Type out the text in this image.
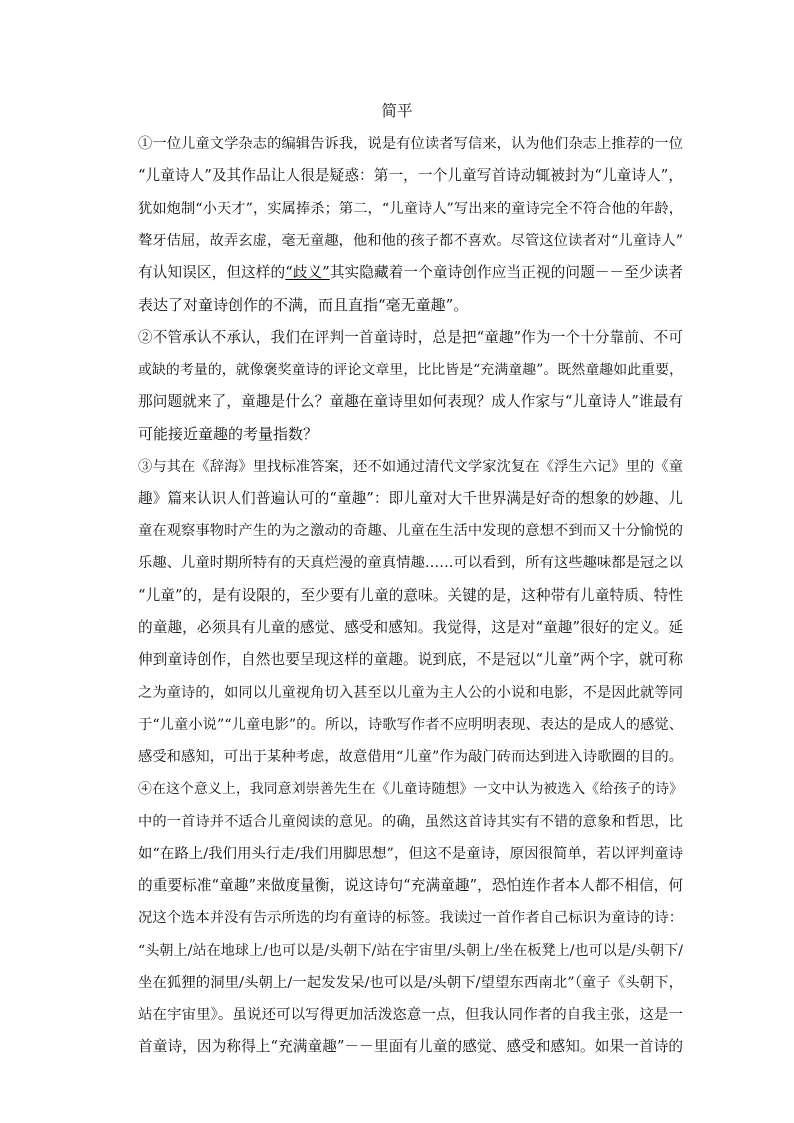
简平
①一位儿童文学杂志的编辑告诉我，说是有位读者写信来，认为他们杂志上推荐的一位
“儿童诗人”及其作品让人很是疑惑：第一，一个儿童写首诗动辄被封为“儿童诗人”，
犹如炮制“小天才”，实属捧杀；第二，“儿童诗人”写出来的童诗完全不符合他的年龄，
聱牙佶屈，故弄玄虚，毫无童趣，他和他的孩子都不喜欢。尽管这位读者对“儿童诗人”
有认知误区，但这样的“歧义”其实隐藏着一个童诗创作应当正视的问题－－至少读者
表达了对童诗创作的不满，而且直指“毫无童趣”。
②不管承认不承认，我们在评判一首童诗时，总是把“童趣”作为一个十分靠前、不可
或缺的考量的，就像褒奖童诗的评论文章里，比比皆是“充满童趣”。既然童趣如此重要，
那问题就来了，童趣是什么？童趣在童诗里如何表现？成人作家与“儿童诗人”谁最有
可能接近童趣的考量指数？
③与其在《辞海》里找标准答案，还不如通过清代文学家沈复在《浮生六记》里的《童
趣》篇来认识人们普遍认可的“童趣”：即儿童对大千世界满是好奇的想象的妙趣、儿
童在观察事物时产生的为之激动的奇趣、儿童在生活中发现的意想不到而又十分愉悦的
乐趣、儿童时期所特有的天真烂漫的童真情趣……可以看到，所有这些趣味都是冠之以
“儿童”的，是有设限的，至少要有儿童的意味。关键的是，这种带有儿童特质、特性
的童趣，必须具有儿童的感觉、感受和感知。我觉得，这是对“童趣”很好的定义。延
伸到童诗创作，自然也要呈现这样的童趣。说到底，不是冠以“儿童”两个字，就可称
之为童诗的，如同以儿童视角切入甚至以儿童为主人公的小说和电影，不是因此就等同
于“儿童小说”“儿童电影”的。所以，诗歌写作者不应明明表现、表达的是成人的感觉、
感受和感知，可出于某种考虑，故意借用“儿童”作为敲门砖而达到进入诗歌圈的目的。
④在这个意义上，我同意刘崇善先生在《儿童诗随想》一文中认为被选入《给孩子的诗》
中的一首诗并不适合儿童阅读的意见。的确，虽然这首诗其实有不错的意象和哲思，比
如“在路上/我们用头行走/我们用脚思想”，但这不是童诗，原因很简单，若以评判童诗
的重要标准“童趣”来做度量衡，说这诗句“充满童趣”，恐怕连作者本人都不相信，何
况这个选本并没有告示所选的均有童诗的标签。我读过一首作者自己标识为童诗的诗：
“头朝上/站在地球上/也可以是/头朝下/站在宇宙里/头朝上/坐在板凳上/也可以是/头朝下/
坐在狐狸的洞里/头朝上/一起发发呆/也可以是/头朝下/望望东西南北”（童子《头朝下，
站在宇宙里》。虽说还可以写得更加活泼恣意一点，但我认同作者的自我主张，这是一
首童诗，因为称得上“充满童趣”－－里面有儿童的感觉、感受和感知。如果一首诗的
